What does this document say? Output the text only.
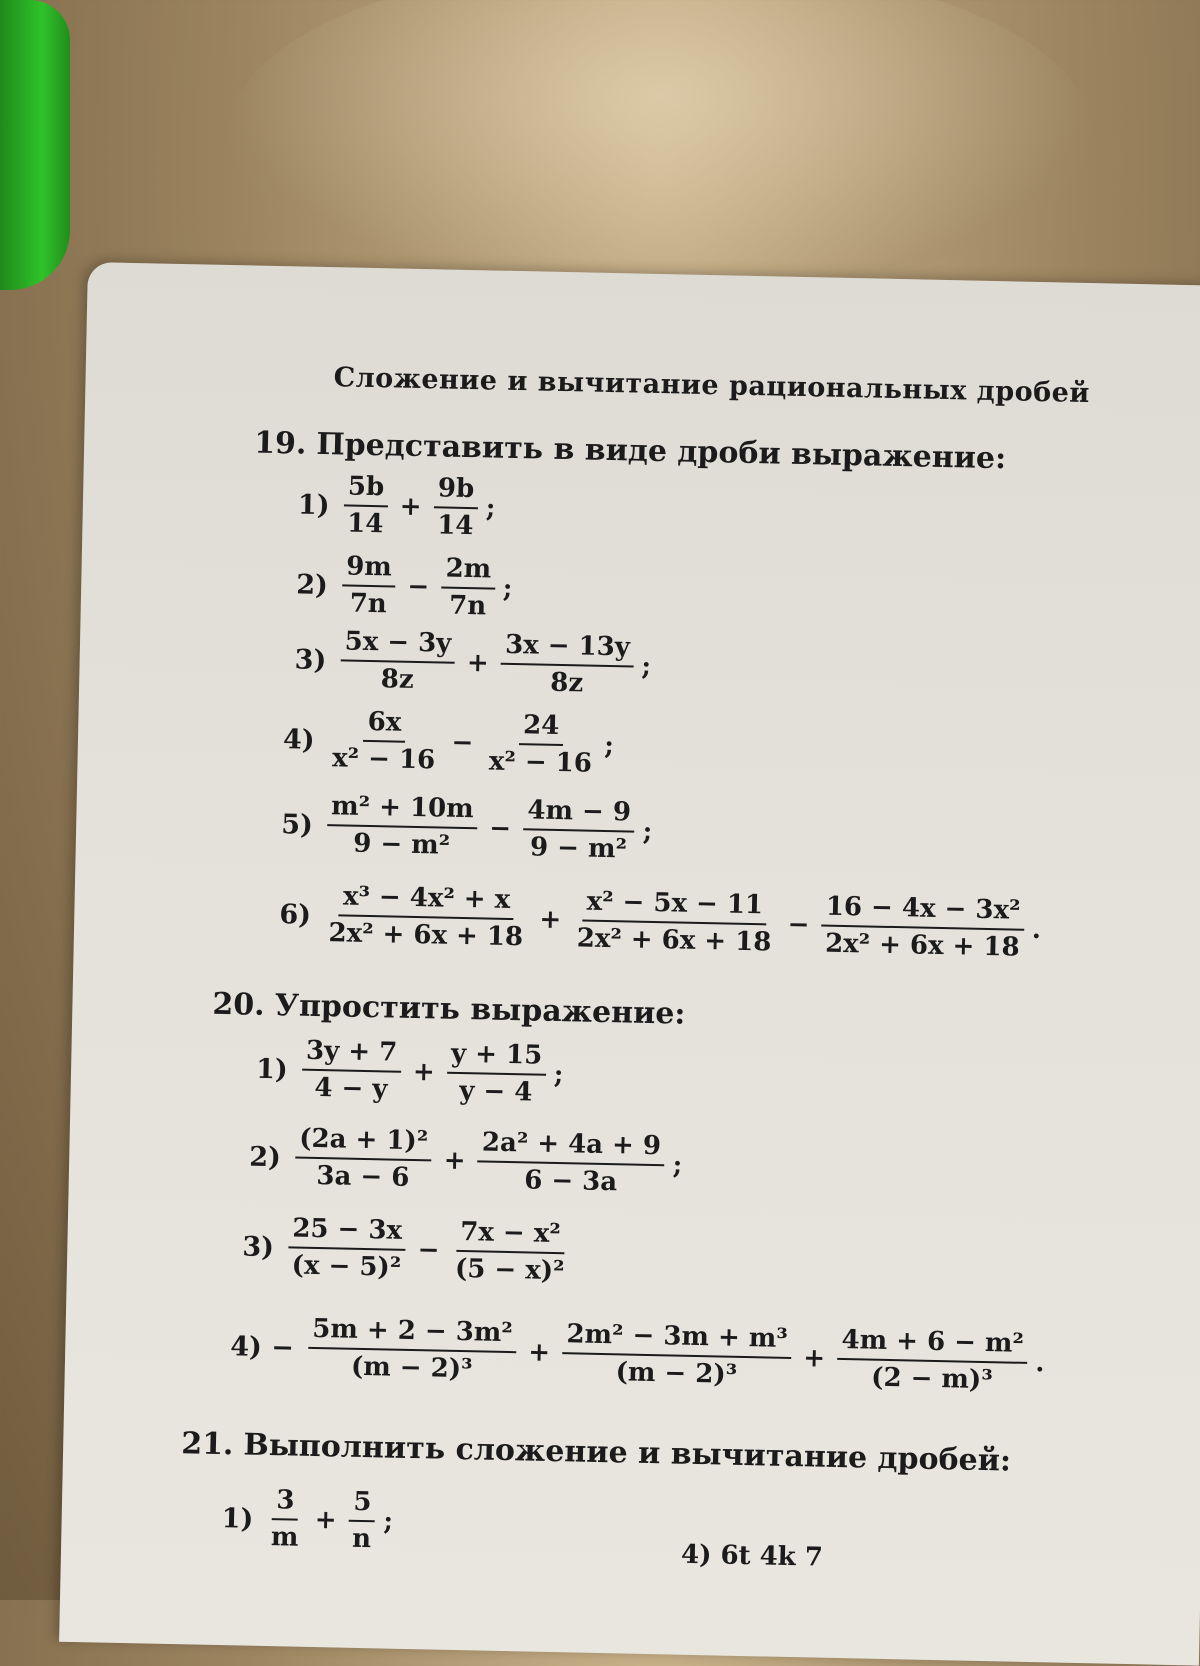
Сложение и вычитание рациональных дробей
19. Представить в виде дроби выражение:
20. Упростить выражение:
21. Выполнить сложение и вычитание дробей:
$1) \frac{5b}{14} + \frac{9b}{14}$ ;
$2) \frac{9m}{7n} - \frac{2m}{7n}$ ;
$3) \frac{5x - 3y}{8z} + \frac{3x - 13y}{8z}$ ;
$4) \frac{6x}{\text{x² − 16}} - \frac{24}{\text{x² − 16}}$ ;
$5) \frac{\text{m² + 10m}}{\text{9 − m²}} - \frac{4m - 9}{\text{9 − m²}}$ ;
$6) \frac{\text{x³ − 4x² + x}}{\text{2x² + 6x + 18}} + \frac{\text{x² − 5x − 11}}{\text{2x² + 6x + 18}} - \frac{\text{16 − 4x − 3x²}}{\text{2x² + 6x + 18}}$ .
$1) \frac{3y + 7}{4 - y} + \frac{y + 15}{y - 4}$ ;
$2) \frac{\text{(2a + 1)²}}{3a - 6} + \frac{\text{2a² + 4a + 9}}{6 - 3a}$ ;
$3) \frac{25 - 3x}{\text{(x − 5)²}} - \frac{\text{7x − x²}}{\text{(5 − x)²}}$
$4) - \frac{\text{5m + 2 − 3m²}}{\text{(m − 2)³}} + \frac{\text{2m² − 3m + m³}}{\text{(m − 2)³}} + \frac{\text{4m + 6 − m²}}{\text{(2 − m)³}}$ .
$1) \frac{3}{m} + \frac{5}{n}$ ;
4) 6t 4k 7
